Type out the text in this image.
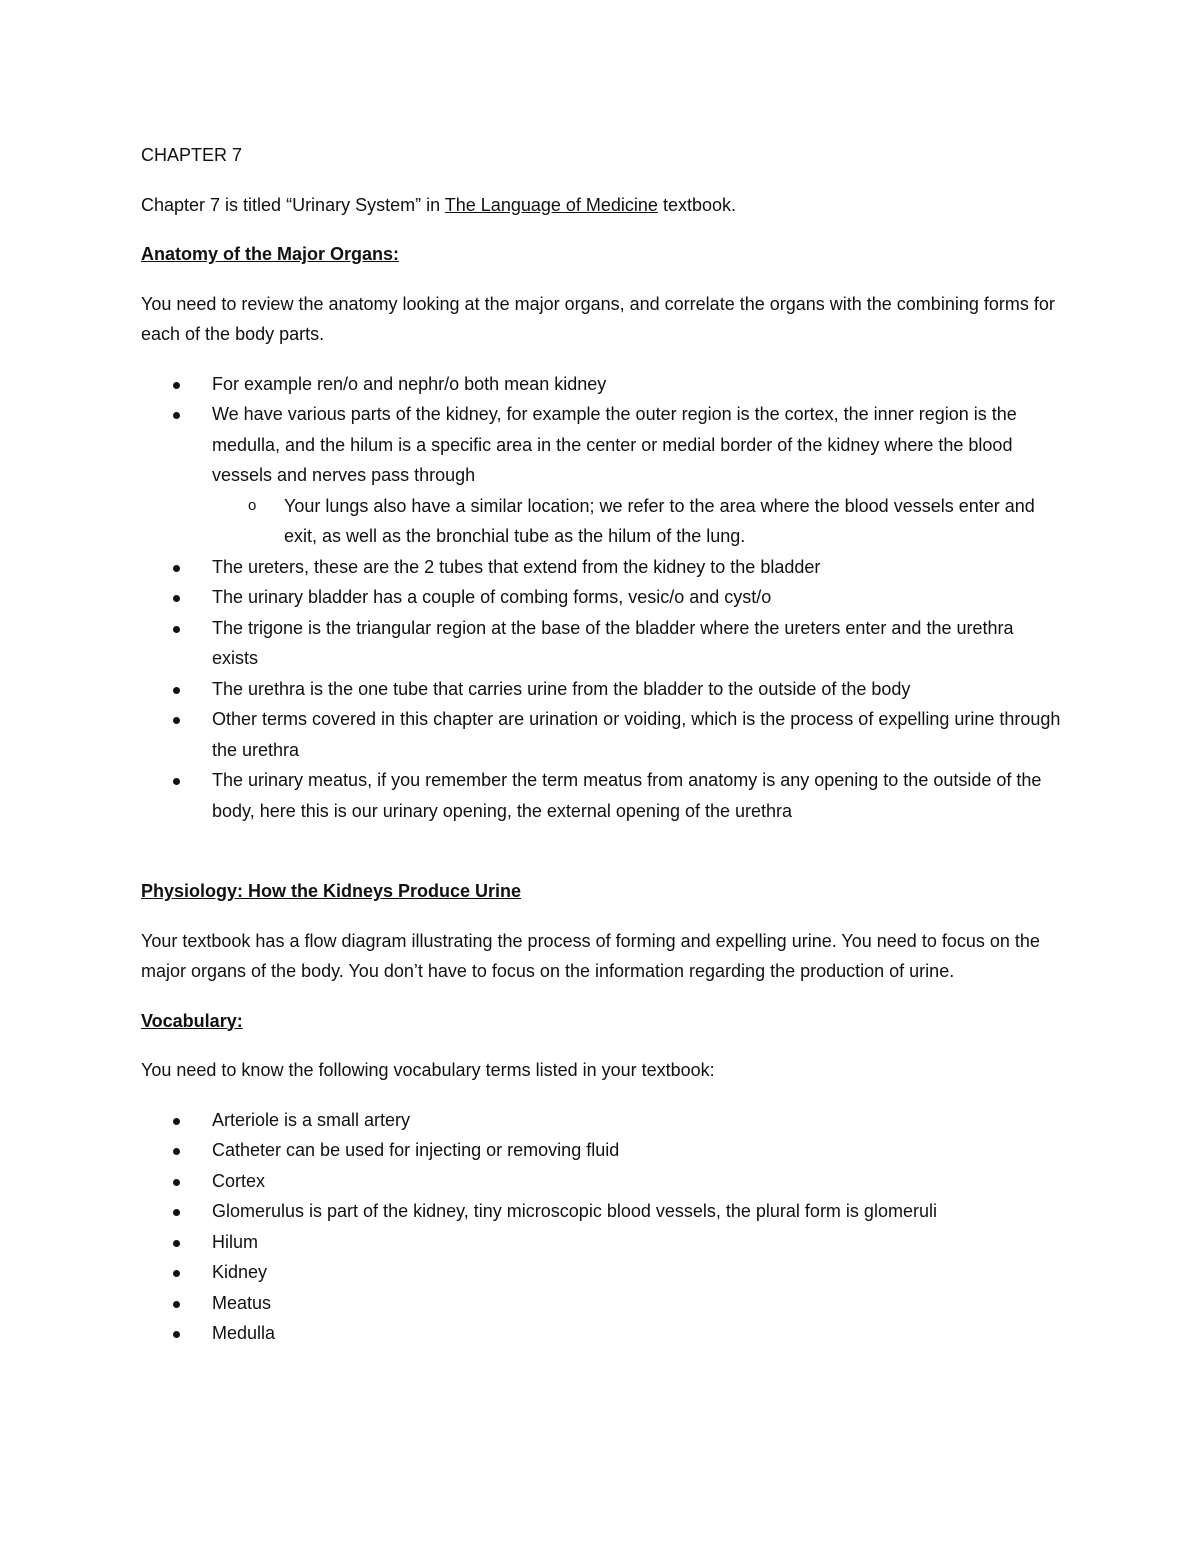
CHAPTER 7

Chapter 7 is titled “Urinary System” in The Language of Medicine textbook.

Anatomy of the Major Organs:

You need to review the anatomy looking at the major organs, and correlate the organs with the combining forms for each of the body parts.

For example ren/o and nephr/o both mean kidney
We have various parts of the kidney, for example the outer region is the cortex, the inner region is the medulla, and the hilum is a specific area in the center or medial border of the kidney where the blood vessels and nerves pass through
o Your lungs also have a similar location; we refer to the area where the blood vessels enter and exit, as well as the bronchial tube as the hilum of the lung.
The ureters, these are the 2 tubes that extend from the kidney to the bladder
The urinary bladder has a couple of combing forms, vesic/o and cyst/o
The trigone is the triangular region at the base of the bladder where the ureters enter and the urethra exists
The urethra is the one tube that carries urine from the bladder to the outside of the body
Other terms covered in this chapter are urination or voiding, which is the process of expelling urine through the urethra
The urinary meatus, if you remember the term meatus from anatomy is any opening to the outside of the body, here this is our urinary opening, the external opening of the urethra

Physiology: How the Kidneys Produce Urine

Your textbook has a flow diagram illustrating the process of forming and expelling urine. You need to focus on the major organs of the body. You don’t have to focus on the information regarding the production of urine.

Vocabulary:

You need to know the following vocabulary terms listed in your textbook:

Arteriole is a small artery
Catheter can be used for injecting or removing fluid
Cortex
Glomerulus is part of the kidney, tiny microscopic blood vessels, the plural form is glomeruli
Hilum
Kidney
Meatus
Medulla
